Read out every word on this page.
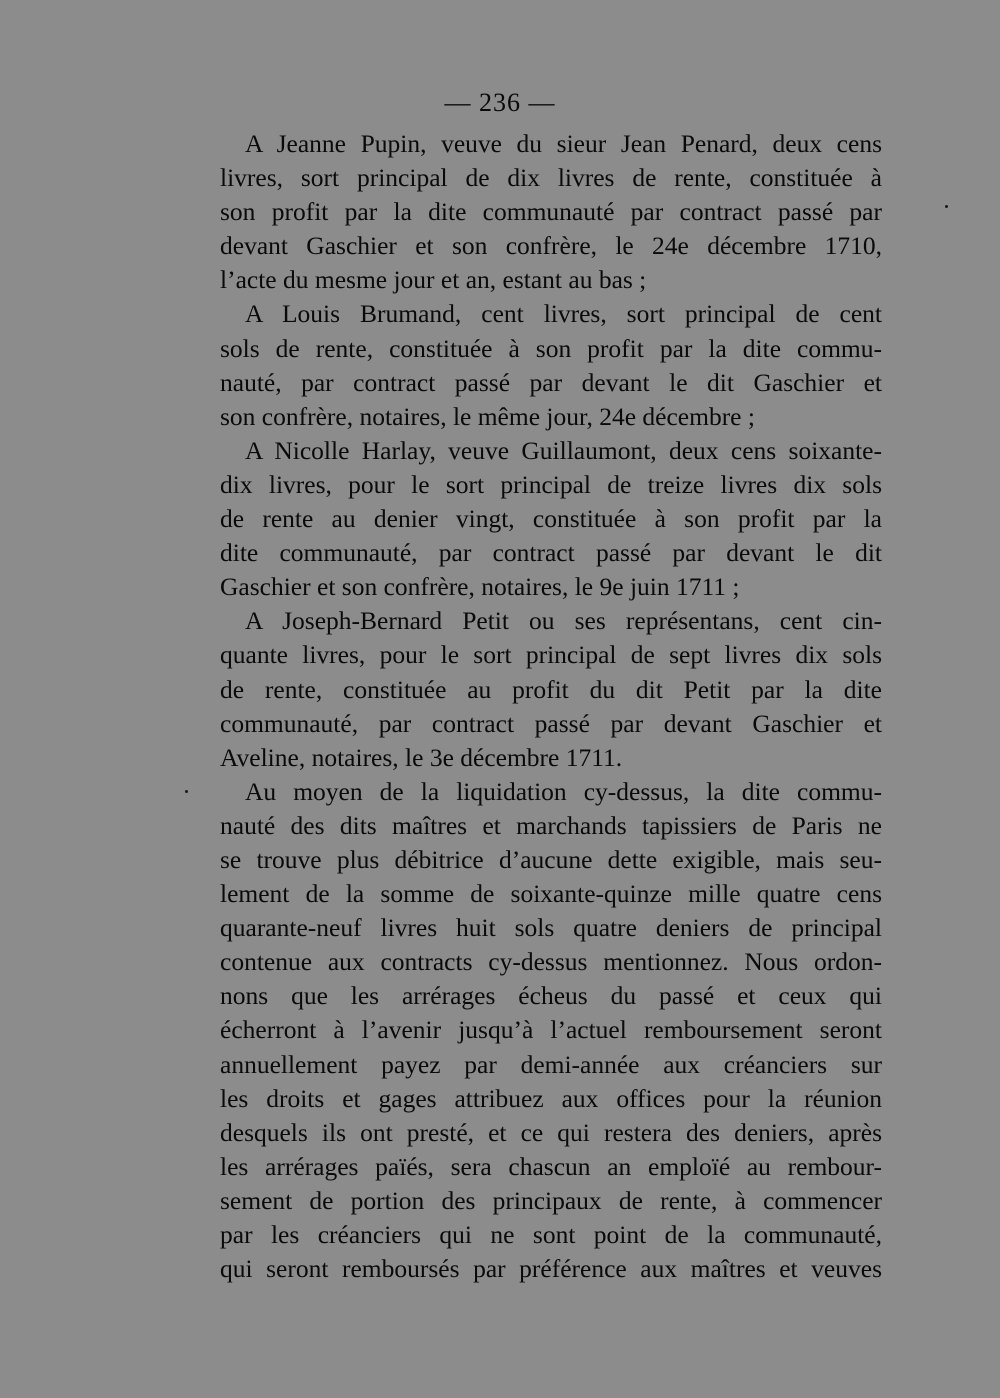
— 236 —
A Jeanne Pupin, veuve du sieur Jean Penard, deux cens
livres, sort principal de dix livres de rente, constituée à
son profit par la dite communauté par contract passé par
devant Gaschier et son confrère, le 24e décembre 1710,
l’acte du mesme jour et an, estant au bas ;
A Louis Brumand, cent livres, sort principal de cent
sols de rente, constituée à son profit par la dite commu-
nauté, par contract passé par devant le dit Gaschier et
son confrère, notaires, le même jour, 24e décembre ;
A Nicolle Harlay, veuve Guillaumont, deux cens soixante-
dix livres, pour le sort principal de treize livres dix sols
de rente au denier vingt, constituée à son profit par la
dite communauté, par contract passé par devant le dit
Gaschier et son confrère, notaires, le 9e juin 1711 ;
A Joseph-Bernard Petit ou ses représentans, cent cin-
quante livres, pour le sort principal de sept livres dix sols
de rente, constituée au profit du dit Petit par la dite
communauté, par contract passé par devant Gaschier et
Aveline, notaires, le 3e décembre 1711.
Au moyen de la liquidation cy-dessus, la dite commu-
nauté des dits maîtres et marchands tapissiers de Paris ne
se trouve plus débitrice d’aucune dette exigible, mais seu-
lement de la somme de soixante-quinze mille quatre cens
quarante-neuf livres huit sols quatre deniers de principal
contenue aux contracts cy-dessus mentionnez. Nous ordon-
nons que les arrérages écheus du passé et ceux qui
écherront à l’avenir jusqu’à l’actuel remboursement seront
annuellement payez par demi-année aux créanciers sur
les droits et gages attribuez aux offices pour la réunion
desquels ils ont presté, et ce qui restera des deniers, après
les arrérages païés, sera chascun an emploïé au rembour-
sement de portion des principaux de rente, à commencer
par les créanciers qui ne sont point de la communauté,
qui seront remboursés par préférence aux maîtres et veuves
